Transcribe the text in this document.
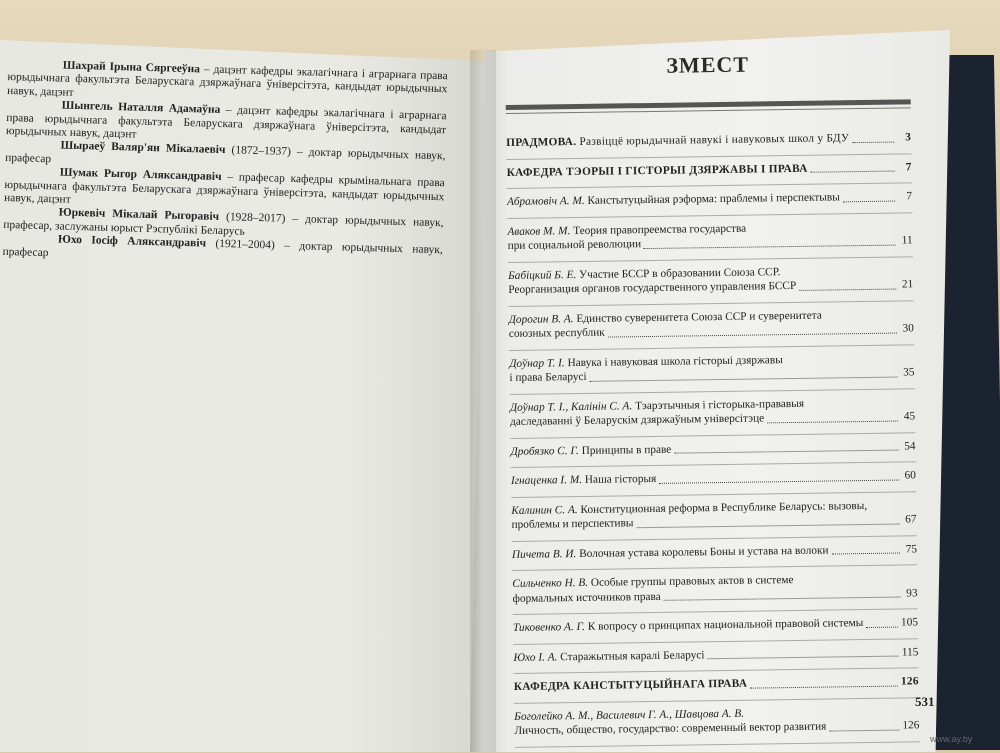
Шахрай Ірына Сяргееўна – дацэнт кафедры экалагічнага і аграрнага права юрыдычнага факультэта Беларускага дзяржаўнага ўніверсітэта, кандыдат юрыдычных навук, дацэнт

Шынгель Наталля Адамаўна – дацэнт кафедры экалагічнага і аграрнага права юрыдычнага факультэта Беларускага дзяржаўнага ўніверсітэта, кандыдат юрыдычных навук, дацэнт

Шыраеў Валяр'ян Мікалаевіч (1872–1937) – доктар юрыдычных навук, прафесар

Шумак Рыгор Аляксандравіч – прафесар кафедры крымінальнага права юрыдычнага факультэта Беларускага дзяржаўнага ўніверсітэта, кандыдат юрыдычных навук, дацэнт

Юркевіч Мікалай Рыгоравіч (1928–2017) – доктар юрыдычных навук, прафесар, заслужаны юрыст Рэспублікі Беларусь

Юхо Іосіф Аляксандравіч (1921–2004) – доктар юрыдычных навук, прафесар

ЗМЕСТ
ПРАДМОВА. Развіццё юрыдычнай навукі і навуковых школ у БДУ	3
КАФЕДРА ТЭОРЫІ І ГІСТОРЫІ ДЗЯРЖАВЫ І ПРАВА	7
Абрамовіч А. М. Канстытуцыйная рэформа: праблемы і перспектывы	7
Аваков М. М. Теория правопреемства государства
при социальной революции	11
Бабіцкий Б. Е. Участие БССР в образовании Союза ССР.
Реорганизация органов государственного управления БССР	21
Дорогин В. А. Единство суверенитета Союза ССР и суверенитета
союзных республик	30
Доўнар Т. І. Навука і навуковая школа гісторыі дзяржавы
і права Беларусі	35
Доўнар Т. І., Калінін С. А. Тэарэтычныя і гісторыка-прававыя
даследаванні ў Беларускім дзяржаўным універсітэце	45
Дробязко С. Г. Принципы в праве	54
Ігнаценка І. М. Наша гісторыя	60
Калинин С. А. Конституционная реформа в Республике Беларусь: вызовы,
проблемы и перспективы	67
Пичета В. И. Волочная устава королевы Боны и устава на волоки	75
Сильченко Н. В. Особые группы правовых актов в системе
формальных источников права	93
Тиковенко А. Г. К вопросу о принципах национальной правовой системы	105
Юхо І. А. Старажытныя каралі Беларусі	115
КАФЕДРА КАНСТЫТУЦЫЙНАГА ПРАВА	126
Боголейко А. М., Василевич Г. А., Шавцова А. В.
Личность, общество, государство: современный вектор развития	126
531
www.ay.by
